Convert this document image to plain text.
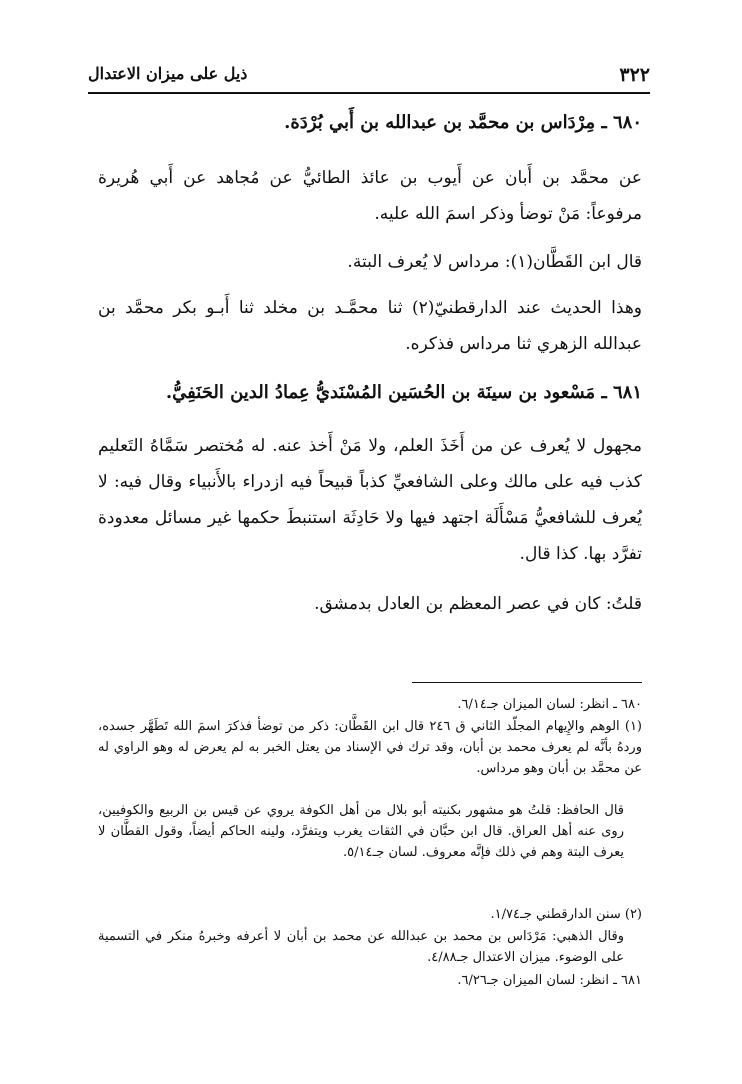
٣٢٢
ذيل على ميزان الاعتدال
٦٨٠ ـ مِرْدَاس بن محمَّد بن عبدالله بن أَبي بُرْدَة.
عن محمَّد بن أَبان عن أَيوب بن عائذ الطائيُّ عن مُجاهد عن أَبي هُريرة مرفوعاً: مَنْ توضأ وذكر اسمَ الله عليه.
قال ابن القَطَّان(١): مرداس لا يُعرف البتة.
وهذا الحديث عند الدارقطنيّ(٢) ثنا محمَّـد بن مخلد ثنا أَبـو بكر محمَّد بن عبدالله الزهري ثنا مرداس فذكره.
٦٨١ ـ مَسْعود بن سينَة بن الحُسَين المُسْنَديُّ عِمادُ الدين الحَنَفِيُّ.
مجهول لا يُعرف عن من أَخَذَ العلم، ولا مَنْ أَخذ عنه. له مُختصر سَمَّاهُ التَعليم كذب فيه على مالك وعلى الشافعيِّ كذباً قبيحاً فيه ازدراء بالأَنبياء وقال فيه: لا يُعرف للشافعيُّ مَسْأَلَة اجتهد فيها ولا حَادِثَة استنبطَ حكمها غير مسائل معدودة تفرَّد بها. كذا قال.
قلتُ: كان في عصر المعظم بن العادل بدمشق.
٦٨٠ ـ انظر: لسان الميزان جـ٦/١٤.
(١) الوهم والإِيهام المجلّد الثاني ق ٢٤٦ قال ابن القَطَّان: ذكر من توضأ فذكرَ اسمَ الله تَطَهَّر جسده، وردهُ بأنَّه لم يعرف محمد بن أبان، وقد ترك في الإسناد من يعتل الخبر به لم يعرض له وهو الراوي له عن محمَّد بن أبان وهو مرداس.
قال الحافظ: قلتُ هو مشهور بكنيته أبو بلال من أهل الكوفة يروي عن قيس بن الربيع والكوفيين، روى عنه أهل العراق. قال ابن حبَّان في الثقات يغرب ويتفرَّد، ولينه الحاكم أيضاً، وقول القطَّان لا يعرف البتة وهم في ذلك فإنَّه معروف. لسان جـ٥/١٤.
(٢) سنن الدارقطني جـ١/٧٤.
وقال الذهبي: مَرْدَاس بن محمد بن عبدالله عن محمد بن أبان لا أعرفه وخبرهُ منكر في التسمية على الوضوء. ميزان الاعتدال جـ٤/٨٨.
٦٨١ ـ انظر: لسان الميزان جـ٦/٢٦.
